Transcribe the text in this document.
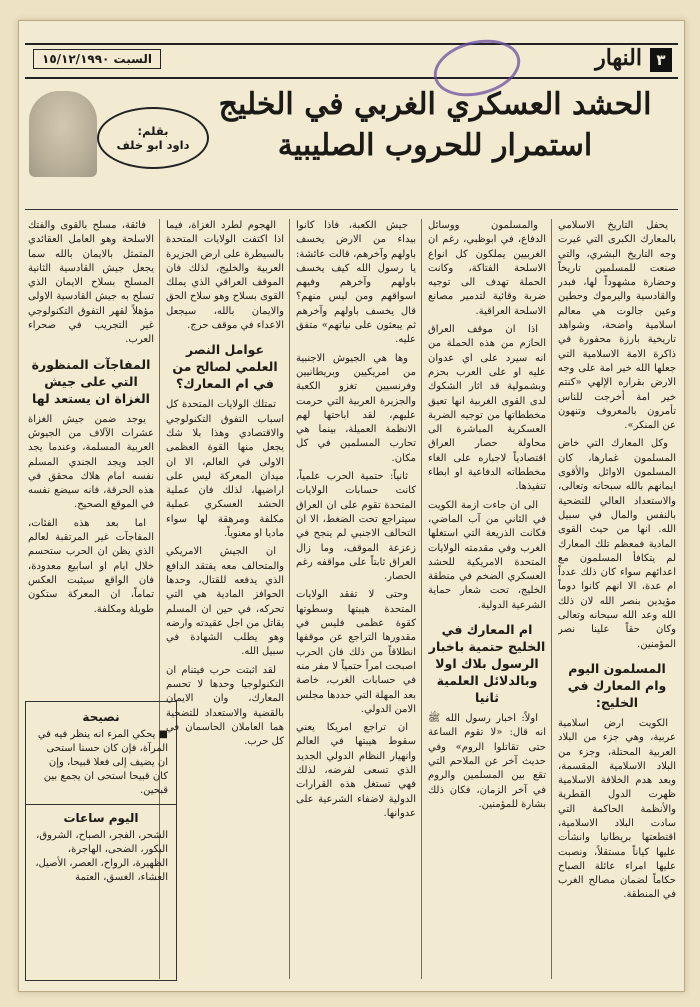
٣
النهار
السبت ١٥/١٢/١٩٩٠
الحشد العسكري الغربي في الخليج
استمرار للحروب الصليبية
بقلم:
داود ابو خلف

يحفل التاريخ الاسلامي بالمعارك الكبرى التي غيرت وجه التاريخ البشري، والتي صنعت للمسلمين تاريخاً وحضارة مشهوداً لها، فبدر والقادسية واليرموك وحطين وعين جالوت هي معالم اسلامية واضحة، وشواهد تاريخية بارزة محفورة في ذاكرة الامة الاسلامية التي جعلها الله خير امة على وجه الارض بقراره الإلهي «كنتم خير امة أخرجت للناس تأمرون بالمعروف وتنهون عن المنكر».

وكل المعارك التي خاض المسلمون غمارها، كان المسلمون الاوائل والأقوى ايمانهم بالله سبحانه وتعالى، والاستعداد العالي للتضحية بالنفس والمال في سبيل الله. انها من حيث القوى المادية فمعظم تلك المعارك لم يتكافأ المسلمون مع اعدائهم سواء كان ذلك عدداً ام عدة، الا انهم كانوا دوماً مؤيدين بنصر الله لان ذلك الله وعد الله سبحانه وتعالى وكان حقاً علينا نصر المؤمنين.

المسلمون اليوم وام المعارك في الخليج:

الكويت ارض اسلامية عربية، وهي جزء من البلاد العربية المحتلة، وجزء من البلاد الاسلامية المقسمة، وبعد هدم الخلافة الاسلامية ظهرت الدول القطرية والأنظمة الحاكمة التي سادت البلاد الاسلامية، اقتطعتها بريطانيا وانشأت عليها كياناً مستقلاً، ونصبت عليها امراء عائلة الصباح حكاماً لضمان مصالح الغرب في المنطقة.

والمسلمون ووسائل الدفاع، في ابوظبي، رغم ان الغربيين يملكون كل انواع الاسلحة الفتاكة، وكانت الحملة تهدف الى توجيه ضربة وقائية لتدمير مصانع الاسلحة العراقية.

اذا ان موقف العراق الحازم من هذه الحملة من انه سيرد على اي عدوان عليه او على العرب بحزم وبشمولية قد اثار الشكوك لدى القوى الغربية انها تعيق مخططاتها من توجيه الضربة العسكرية المباشرة الى محاولة حصار العراق اقتصادياً لاجباره على الغاء مخططاته الدفاعية او ابطاء تنفيذها.

الى ان جاءت ازمة الكويت في الثاني من آب الماضي، فكانت الذريعة التي استغلها الغرب وفي مقدمته الولايات المتحدة الامريكية للحشد العسكري الضخم في منطقة الخليج، تحت شعار حماية الشرعية الدولية.

ام المعارك في الخليج حتمية باخبار الرسول بلاك اولا وبالدلائل العلمية ثانيا

اولاً: اخبار رسول الله ﷺ انه قال: «لا تقوم الساعة حتى تقاتلوا الروم» وفي حديث آخر عن الملاحم التي تقع بين المسلمين والروم في آخر الزمان، فكان ذلك بشارة للمؤمنين.

جيش الكعبة، فاذا كانوا بيداء من الارض يخسف باولهم وآخرهم، قالت عائشة: يا رسول الله كيف يخسف باولهم وآخرهم وفيهم اسواقهم ومن ليس منهم؟ قال يخسف باولهم وآخرهم ثم يبعثون على نياتهم» متفق عليه.

وها هي الجيوش الاجنبية من امريكيين وبريطانيين وفرنسيين تغزو الكعبة والجزيرة العربية التي حرمت عليهم، لقد اباحتها لهم الانظمة العميلة، بينما هي تحارب المسلمين في كل مكان.

ثانياً: حتمية الحرب علمياً، كانت حسابات الولايات المتحدة تقوم على ان العراق سيتراجع تحت الضغط، الا ان التحالف الاجنبي لم ينجح في زعزعة الموقف، وما زال العراق ثابتاً على مواقفه رغم الحصار.

وحتى لا تفقد الولايات المتحدة هيبتها وسطوتها كقوة عظمى فليس في مقدورها التراجع عن موقفها انطلاقاً من ذلك فان الحرب اصبحت امراً حتمياً لا مفر منه في حسابات الغرب، خاصة بعد المهلة التي حددها مجلس الامن الدولي.

ان تراجع امريكا يعني سقوط هيبتها في العالم وانهيار النظام الدولي الجديد الذي تسعى لفرضه، لذلك فهي تستغل هذه القرارات الدولية لاضفاء الشرعية على عدوانها.

الهجوم لطرد الغزاة، فيما اذا اكتفت الولايات المتحدة بالسيطرة على ارض الجزيرة العربية والخليج، لذلك فان الموقف العراقي الذي يملك القوى بسلاح وهو سلاح الحق والايمان بالله، سيجعل الاعداء في موقف حرج.

عوامل النصر العلمي لصالح من في ام المعارك؟

تمتلك الولايات المتحدة كل اسباب التفوق التكنولوجي والاقتصادي وهذا بلا شك يجعل منها القوة العظمى الاولى في العالم، الا ان ميدان المعركة ليس على اراضيها، لذلك فان عملية الحشد العسكري عملية مكلفة ومرهقة لها سواء ماديا او معنوياً.

ان الجيش الامريكي والمتحالف معه يفتقد الدافع الذي يدفعه للقتال، وحدها الحوافز المادية هي التي تحركه، في حين ان المسلم يقاتل من اجل عقيدته وارضه وهو يطلب الشهادة في سبيل الله.

لقد اثبتت حرب فيتنام ان التكنولوجيا وحدها لا تحسم المعارك، وان الايمان بالقضية والاستعداد للتضحية هما العاملان الحاسمان في كل حرب.

فائقة، مسلح بالقوى والفتك الاسلحة وهو العامل العقائدي المتمثل بالايمان بالله سما يجعل جيش القادسية الثانية المسلح بسلاح الايمان الذي تسلح به جيش القادسية الاولى مؤهلاً لقهر التفوق التكنولوجي غير التجريب في صحراء العرب.

المفاجآت المنظورة التي على جيش الغزاة ان يستعد لها

يوجد ضمن جيش الغزاة عشرات الآلاف من الجيوش العربية المسلمة، وعندما يجد الجد ويجد الجندي المسلم نفسه امام هلاك محقق في هذه الحرقة، فانه سيضع نفسه في الموقع الصحيح.

اما بعد هذه الفئات، المفاجآت غير المرتقبة لعالم الذي يظن ان الحرب ستحسم خلال ايام او اسابيع معدودة، فان الواقع سيثبت العكس تماماً، ان المعركة ستكون طويلة ومكلفة.

نصيحة
■ يحكي المرء انه ينظر فيه في المرآة، فإن كان حسنا استحى ان يضيف إلى فعلا قبيحا، وإن كان قبيحا استحى ان يجمع بين قبحين.
اليوم ساعات
الشحر، الفجر، الصباح، الشروق، البكور، الضحى، الهاجرة، الظهيرة، الرواح، العصر، الأصيل، العشاء، الغسق، العتمة
